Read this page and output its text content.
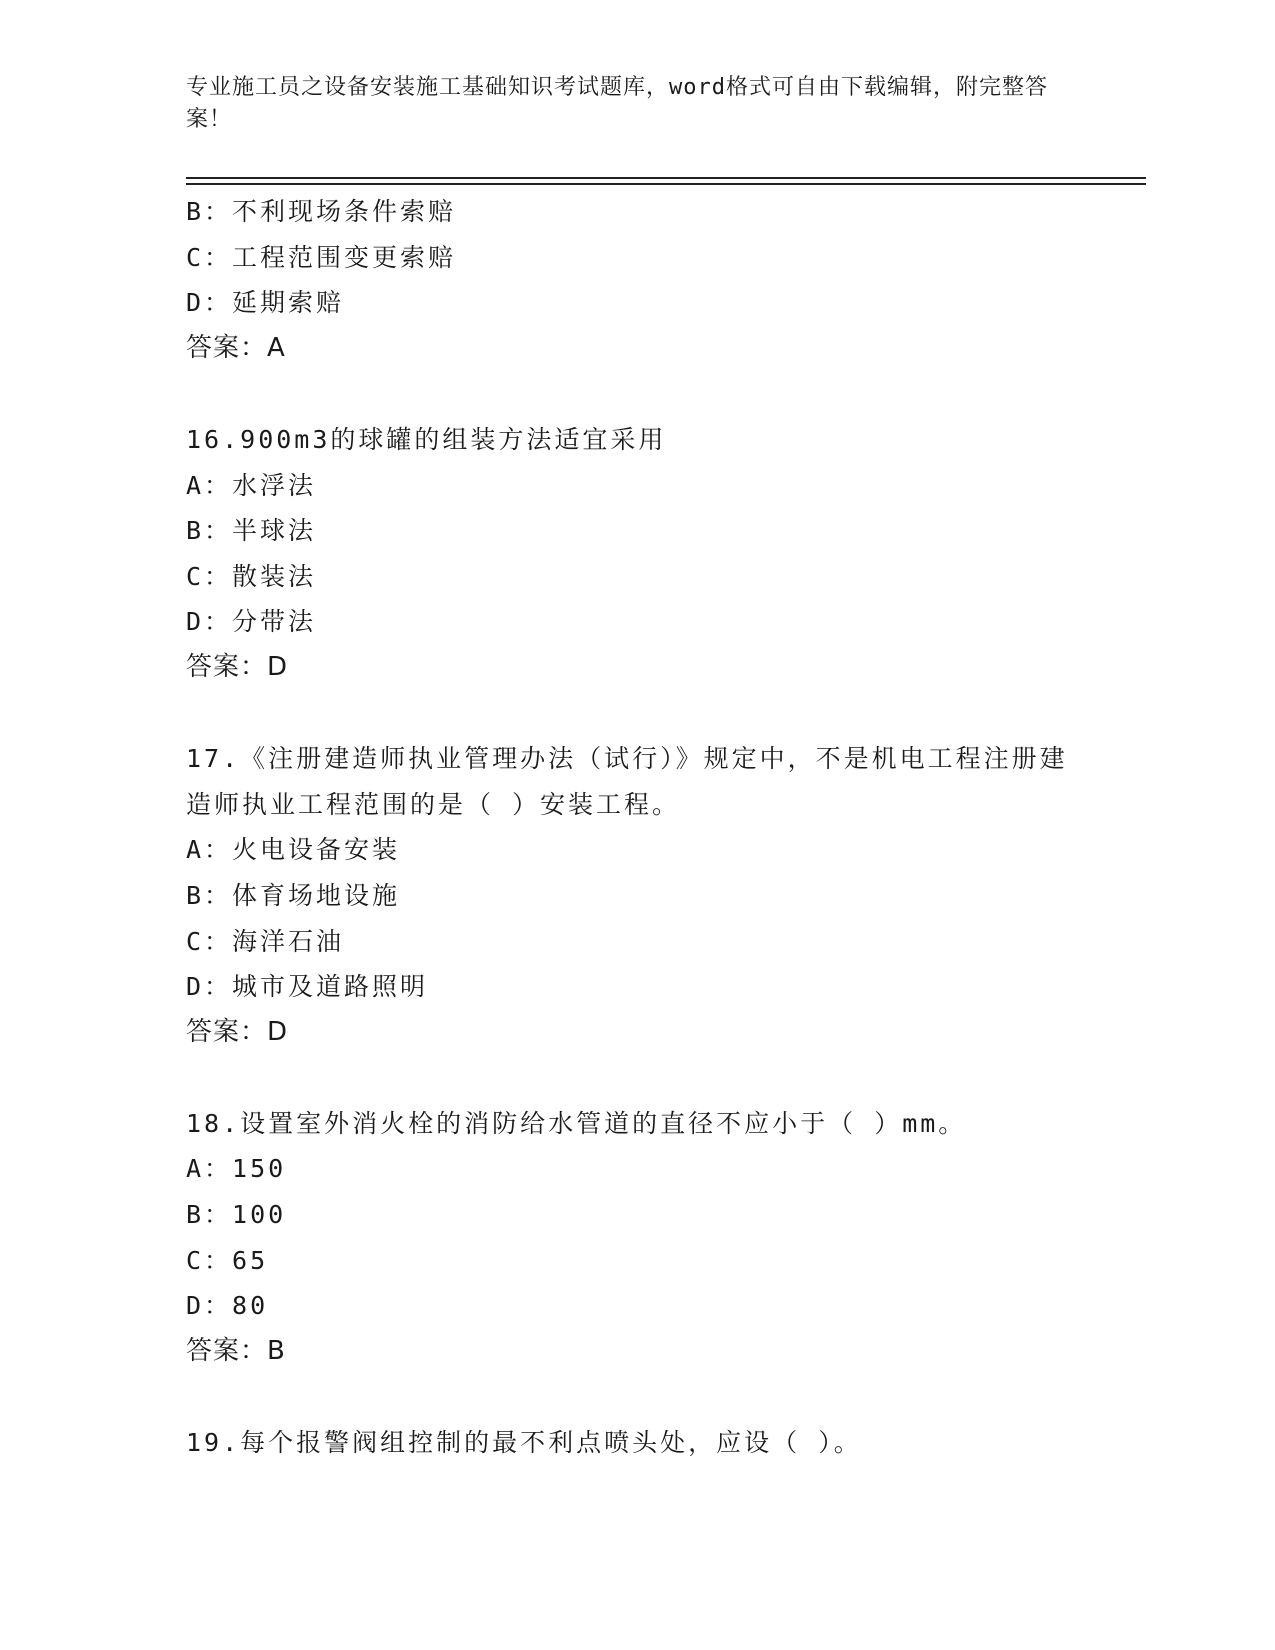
专业施工员之设备安装施工基础知识考试题库，word格式可自由下载编辑，附完整答案！
B：不利现场条件索赔
C：工程范围变更索赔
D：延期索赔
答案：A
16.900m3的球罐的组装方法适宜采用
A：水浮法
B：半球法
C：散装法
D：分带法
答案：D
17.《注册建造师执业管理办法（试行）》规定中，不是机电工程注册建造师执业工程范围的是（ ）安装工程。
A：火电设备安装
B：体育场地设施
C：海洋石油
D：城市及道路照明
答案：D
18.设置室外消火栓的消防给水管道的直径不应小于（ ）mm。
A：150
B：100
C：65
D：80
答案：B
19.每个报警阀组控制的最不利点喷头处，应设（ ）。
